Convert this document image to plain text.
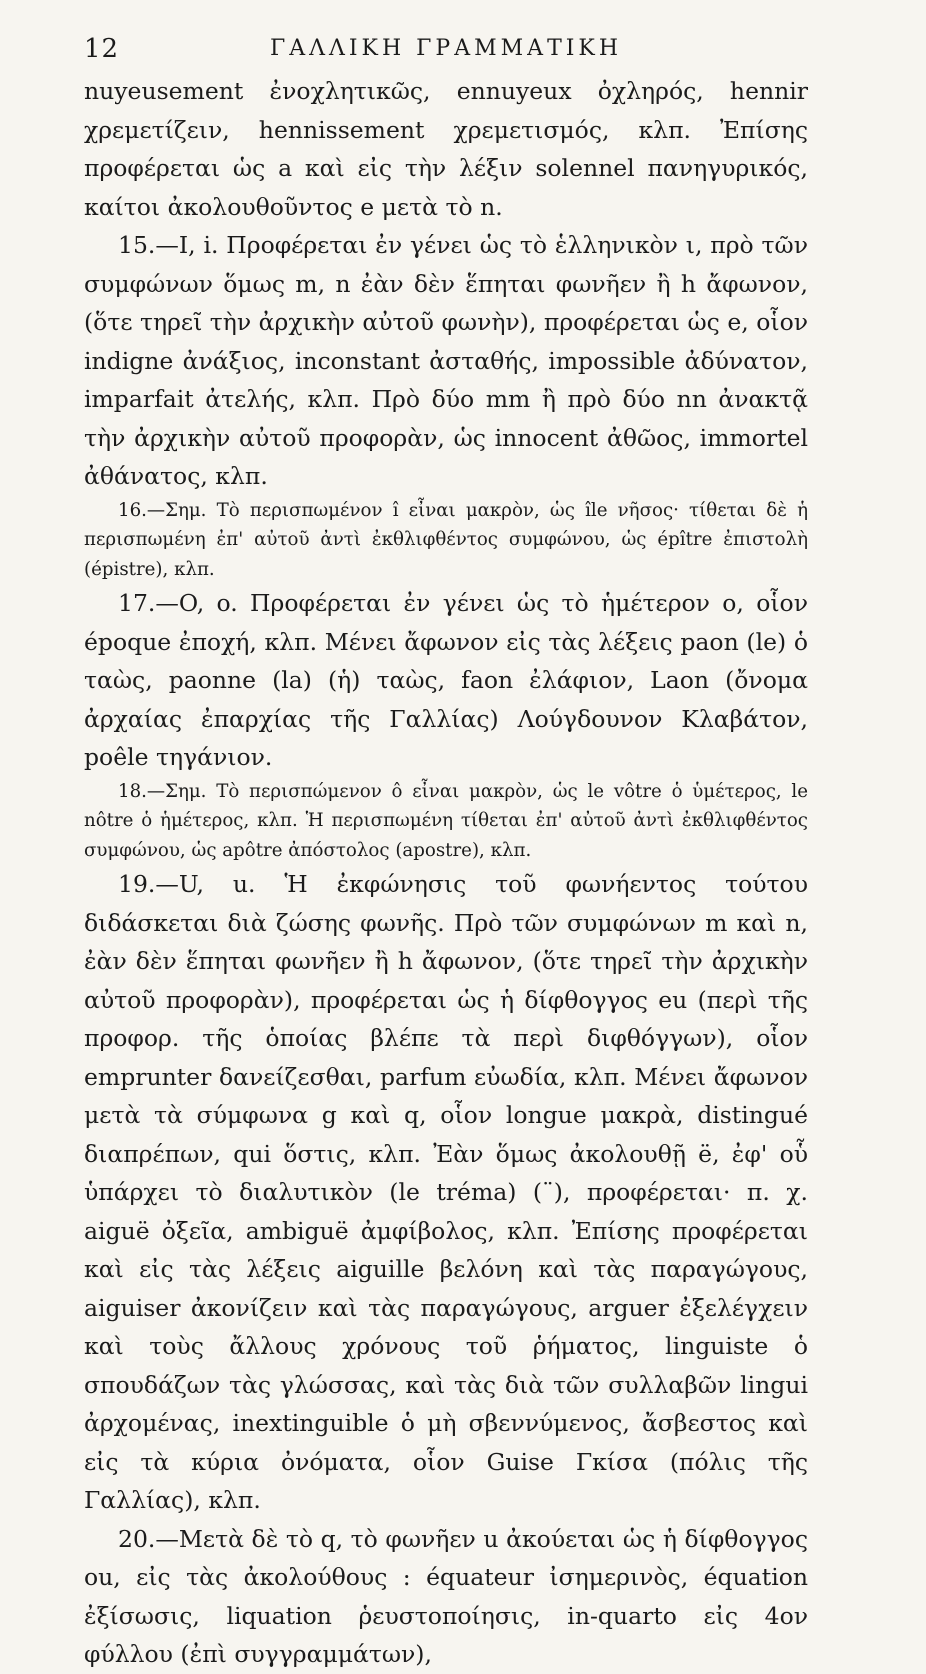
12	ΓΑΛΛΙΚΗ ΓΡΑΜΜΑΤΙΚΗ

nuyeusement ἐνοχλητικῶς, ennuyeux ὀχληρός, hennir χρεμετίζειν, hennissement χρεμετισμός, κλπ. Ἐπίσης προφέρεται ὡς a καὶ εἰς τὴν λέξιν solennel πανηγυρικός, καίτοι ἀκολουθοῦντος e μετὰ τὸ n.

15.—I, i. Προφέρεται ἐν γένει ὡς τὸ ἑλληνικὸν ι, πρὸ τῶν συμφώνων ὅμως m, n ἐὰν δὲν ἕπηται φωνῆεν ἢ h ἄφωνον, (ὅτε τηρεῖ τὴν ἀρχικὴν αὐτοῦ φωνὴν), προφέρεται ὡς e, οἷον indigne ἀνάξιος, inconstant ἀσταθής, impossible ἀδύνατον, imparfait ἀτελής, κλπ. Πρὸ δύο mm ἢ πρὸ δύο nn ἀνακτᾷ τὴν ἀρχικὴν αὐτοῦ προφορὰν, ὡς innocent ἀθῶος, immortel ἀθάνατος, κλπ.

16.—Σημ. Τὸ περισπωμένον î εἶναι μακρὸν, ὡς île νῆσος· τίθεται δὲ ἡ περισπωμένη ἐπ' αὐτοῦ ἀντὶ ἐκθλιφθέντος συμφώνου, ὡς épître ἐπιστολὴ (épistre), κλπ.

17.—O, o. Προφέρεται ἐν γένει ὡς τὸ ἡμέτερον ο, οἷον époque ἐποχή, κλπ. Μένει ἄφωνον εἰς τὰς λέξεις paon (le) ὁ ταὼς, paonne (la) (ἡ) ταὼς, faon ἐλάφιον, Laon (ὄνομα ἀρχαίας ἐπαρχίας τῆς Γαλλίας) Λούγδουνον Κλαβάτον, poêle τηγάνιον.

18.—Σημ. Τὸ περισπώμενον ô εἶναι μακρὸν, ὡς le vôtre ὁ ὑμέτερος, le nôtre ὁ ἡμέτερος, κλπ. Ἡ περισπωμένη τίθεται ἐπ' αὐτοῦ ἀντὶ ἐκθλιφθέντος συμφώνου, ὡς apôtre ἀπόστολος (apostre), κλπ.

19.—U, u. Ἡ ἐκφώνησις τοῦ φωνήεντος τούτου διδάσκεται διὰ ζώσης φωνῆς. Πρὸ τῶν συμφώνων m καὶ n, ἐὰν δὲν ἕπηται φωνῆεν ἢ h ἄφωνον, (ὅτε τηρεῖ τὴν ἀρχικὴν αὐτοῦ προφορὰν), προφέρεται ὡς ἡ δίφθογγος eu (περὶ τῆς προφορ. τῆς ὁποίας βλέπε τὰ περὶ διφθόγγων), οἷον emprunter δανείζεσθαι, parfum εὐωδία, κλπ. Μένει ἄφωνον μετὰ τὰ σύμφωνα g καὶ q, οἷον longue μακρὰ, distingué διαπρέπων, qui ὅστις, κλπ. Ἐὰν ὅμως ἀκολουθῇ ë, ἐφ' οὗ ὑπάρχει τὸ διαλυτικὸν (le tréma) (¨), προφέρεται· π. χ. aiguë ὀξεῖα, ambiguë ἀμφίβολος, κλπ. Ἐπίσης προφέρεται καὶ εἰς τὰς λέξεις aiguille βελόνη καὶ τὰς παραγώγους, aiguiser ἀκονίζειν καὶ τὰς παραγώγους, arguer ἐξελέγχειν καὶ τοὺς ἄλλους χρόνους τοῦ ῥήματος, linguiste ὁ σπουδάζων τὰς γλώσσας, καὶ τὰς διὰ τῶν συλλαβῶν lingui ἀρχομένας, inextinguible ὁ μὴ σβεννύμενος, ἄσβεστος καὶ εἰς τὰ κύρια ὀνόματα, οἷον Guise Γκίσα (πόλις τῆς Γαλλίας), κλπ.

20.—Μετὰ δὲ τὸ q, τὸ φωνῆεν u ἀκούεται ὡς ἡ δίφθογγος ou, εἰς τὰς ἀκολούθους : équateur ἰσημερινὸς, équation ἐξίσωσις, liquation ῥευστοποίησις, in-quarto εἰς 4ον φύλλου (ἐπὶ συγγραμμάτων),
